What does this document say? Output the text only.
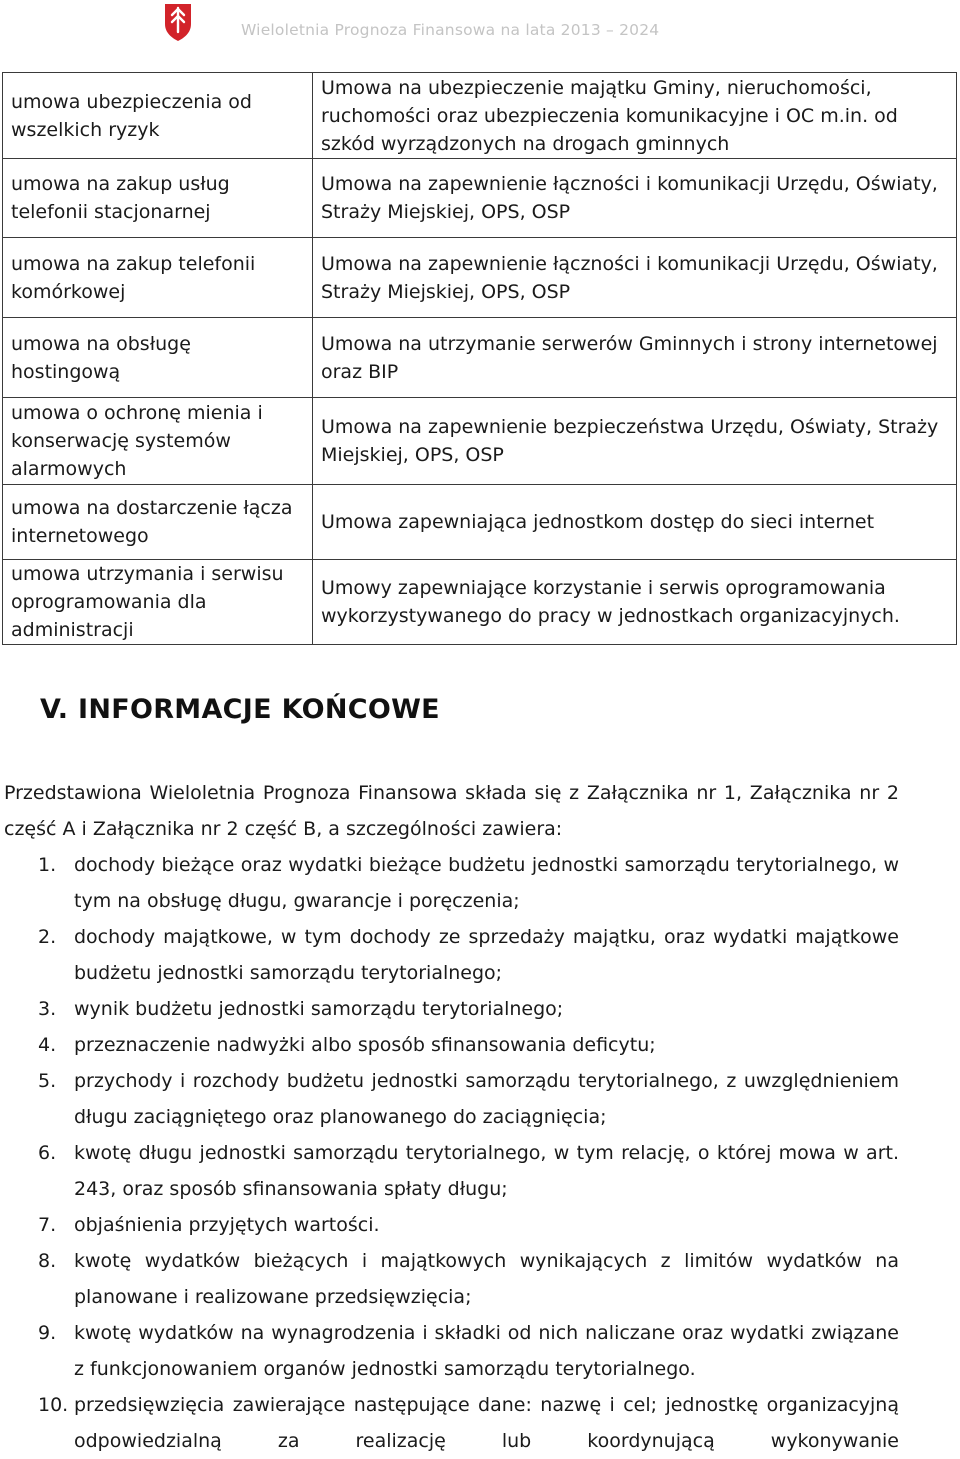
Wieloletnia Prognoza Finansowa na lata 2013 – 2024
umowa ubezpieczenia od wszelkich ryzyk	Umowa na ubezpieczenie majątku Gminy, nieruchomości, ruchomości oraz ubezpieczenia komunikacyjne i OC m.in. od szkód wyrządzonych na drogach gminnych
umowa na zakup usług telefonii stacjonarnej	Umowa na zapewnienie łączności i komunikacji Urzędu, Oświaty, Straży Miejskiej, OPS, OSP
umowa na zakup telefonii komórkowej	Umowa na zapewnienie łączności i komunikacji Urzędu, Oświaty, Straży Miejskiej, OPS, OSP
umowa na obsługę hostingową	Umowa na utrzymanie serwerów Gminnych i strony internetowej oraz BIP
umowa o ochronę mienia i konserwację systemów alarmowych	Umowa na zapewnienie bezpieczeństwa Urzędu, Oświaty, Straży Miejskiej, OPS, OSP
umowa na dostarczenie łącza internetowego	Umowa zapewniająca jednostkom dostęp do sieci internet
umowa utrzymania i serwisu oprogramowania dla administracji	Umowy zapewniające korzystanie i serwis oprogramowania wykorzystywanego do pracy w jednostkach organizacyjnych.
V. INFORMACJE KOŃCOWE

Przedstawiona Wieloletnia Prognoza Finansowa składa się z Załącznika nr 1, Załącznika nr 2 część A i Załącznika nr 2 część B, a szczególności zawiera:

1. dochody bieżące oraz wydatki bieżące budżetu jednostki samorządu terytorialnego, w tym na obsługę długu, gwarancje i poręczenia;
2. dochody majątkowe, w tym dochody ze sprzedaży majątku, oraz wydatki majątkowe budżetu jednostki samorządu terytorialnego;
3. wynik budżetu jednostki samorządu terytorialnego;
4. przeznaczenie nadwyżki albo sposób sfinansowania deficytu;
5. przychody i rozchody budżetu jednostki samorządu terytorialnego, z uwzględnieniem długu zaciągniętego oraz planowanego do zaciągnięcia;
6. kwotę długu jednostki samorządu terytorialnego, w tym relację, o której mowa w art. 243, oraz sposób sfinansowania spłaty długu;
7. objaśnienia przyjętych wartości.
8. kwotę wydatków bieżących i majątkowych wynikających z limitów wydatków na planowane i realizowane przedsięwzięcia;
9. kwotę wydatków na wynagrodzenia i składki od nich naliczane oraz wydatki związane z funkcjonowaniem organów jednostki samorządu terytorialnego.
10. przedsięwzięcia zawierające następujące dane: nazwę i cel; jednostkę organizacyjną odpowiedzialną za realizację lub koordynującą wykonywanie
